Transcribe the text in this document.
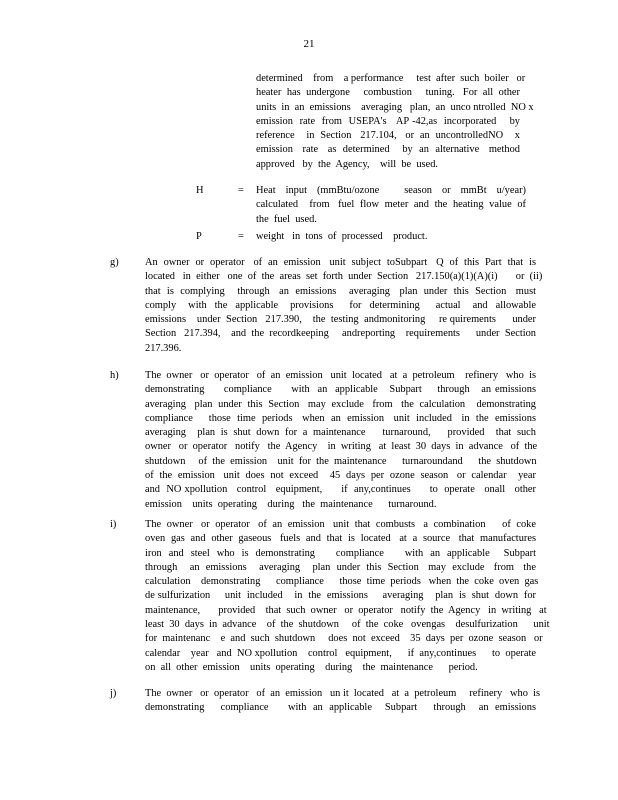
21
determined    from    a performance     test  after  such  boiler   or
heater  has  undergone     combustion     tuning.   For  all  other
units  in  an  emissions    averaging   plan,  an  unco ntrolled  NO x
emission  rate  from  USEPA's   AP -42,as  incorporated    by
reference    in  Section   217.104,   or  an  uncontrolledNO    x
emission   rate   as  determined    by  an  alternative   method
approved   by  the  Agency,    will  be  used.
H	= Heat  input  (mmBtu/ozone     season  or  mmBt  u/year)
calculated    from   fuel  flow  meter  and  the  heating  value  of
the  fuel  used.
P	= weight   in  tons  of  processed    product.
g)	An  owner  or  operator   of  an  emission   unit  subject  toSubpart   Q  of  this  Part  that  is
located   in  either   one  of  the  areas  set  forth  under  Section   217.150(a)(1)(A)(i)       or  (ii)
that  is  complying    through   an  emissions    averaging   plan  under  this  Section   must
comply   with  the  applicable   provisions    for  determining    actual   and  allowable
emissions    under  Section   217.390,    the  testing  andmonitoring     re quirements      under
Section   217.394,    and  the  recordkeeping     andreporting    requirements      under  Section
217.396.
h)	The  owner   or  operator   of  an  emission   unit  located   at  a  petroleum    refinery   who  is
demonstrating     compliance     with  an  applicable   Subpart    through   an emissions
averaging   plan  under  this  Section   may  exclude   from   the  calculation    demonstrating
compliance     those  time  periods   when  an  emission   unit  included   in  the  emissions
averaging    plan  is  shut  down  for  a  maintenance      turnaround,      provided    that  such
owner   or  operator   notify   the  Agency    in  writing   at  least  30  days  in  advance   of  the
shutdown     of  the  emission    unit  for  the  maintenance      turnaroundand      the  shutdown
of  the  emission   unit  does  not  exceed    45  days  per  ozone  season   or  calendar    year
and  NO xpollution   control   equipment,      if  any,continues      to  operate   onall   other
emission    units  operating    during   the  maintenance      turnaround.
i)	The  owner   or  operator   of  an  emission   unit  that  combusts   a  combination      of  coke
oven  gas  and  other  gaseous   fuels  and  that  is  located   at  a  source   that  manufactures
iron  and  steel  who  is  demonstrating      compliance      with  an  applicable    Subpart
through    an  emissions    averaging    plan  under  this  Section   may  exclude   from   the
calculation    demonstrating      compliance      those  time  periods   when  the  coke  oven  gas
de sulfurization     unit  included    in  the  emissions     averaging    plan  is  shut  down  for
maintenance,       provided    that  such  owner   or  operator   notify  the  Agency   in  writing   at
least  30  days  in  advance    of  the  shutdown     of  the  coke   ovengas    desulfurization      unit
for  maintenanc    e  and  such  shutdown     does  not  exceed    35  days  per  ozone  season   or
calendar    year   and  NO xpollution    control   equipment,      if  any,continues      to  operate
on  all  other  emission    units  operating    during    the  maintenance      period.
j)	The  owner   or  operator   of  an  emission   un it  located   at  a  petroleum     refinery   who  is
demonstrating     compliance      with  an  applicable    Subpart     through    an  emissions
